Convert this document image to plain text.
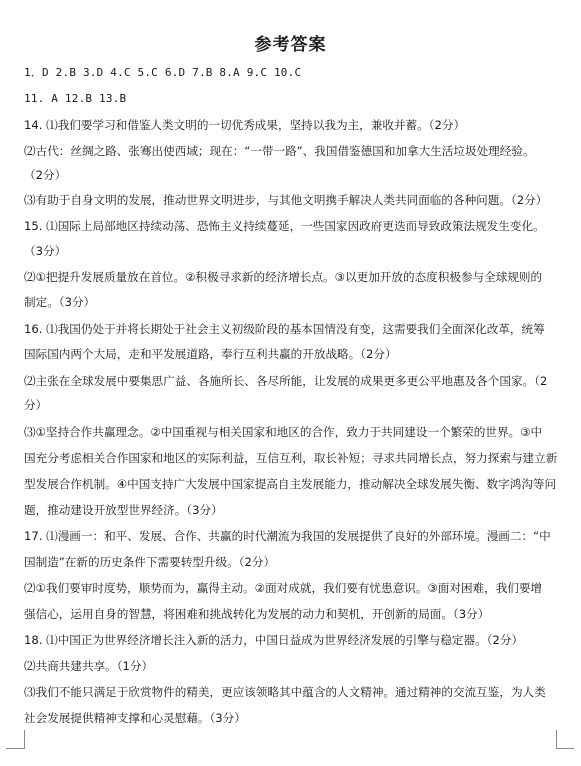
参考答案
1．D 2.B 3.D 4.C 5.C 6.D 7.B 8.A 9.C 10.C
11. A 12.B 13.B
14. ⑴我们要学习和借鉴人类文明的一切优秀成果，坚持以我为主，兼收并蓄。（2分）
⑵古代：丝绸之路、张骞出使西域；现在：“一带一路”、我国借鉴德国和加拿大生活垃圾处理经验。
（2分）
⑶有助于自身文明的发展，推动世界文明进步，与其他文明携手解决人类共同面临的各种问题。（2分）
15. ⑴国际上局部地区持续动荡、恐怖主义持续蔓延，一些国家因政府更迭而导致政策法规发生变化。
（3分）
⑵①把提升发展质量放在首位。②积极寻求新的经济增长点。③以更加开放的态度积极参与全球规则的
制定。（3分）
16. ⑴我国仍处于并将长期处于社会主义初级阶段的基本国情没有变，这需要我们全面深化改革，统筹
国际国内两个大局，走和平发展道路，奉行互利共赢的开放战略。（2分）
⑵主张在全球发展中要集思广益、各施所长、各尽所能，让发展的成果更多更公平地惠及各个国家。（2
分）
⑶①坚持合作共赢理念。②中国重视与相关国家和地区的合作，致力于共同建设一个繁荣的世界。③中
国充分考虑相关合作国家和地区的实际利益，互信互利，取长补短；寻求共同增长点，努力探索与建立新
型发展合作机制。④中国支持广大发展中国家提高自主发展能力，推动解决全球发展失衡、数字鸿沟等问
题，推动建设开放型世界经济。（3分）
17. ⑴漫画一：和平、发展、合作、共赢的时代潮流为我国的发展提供了良好的外部环境。漫画二：“中
国制造”在新的历史条件下需要转型升级。（2分）
⑵①我们要审时度势，顺势而为，赢得主动。②面对成就，我们要有忧患意识。③面对困难，我们要增
强信心，运用自身的智慧，将困难和挑战转化为发展的动力和契机，开创新的局面。（3分）
18. ⑴中国正为世界经济增长注入新的活力，中国日益成为世界经济发展的引擎与稳定器。（2分）
⑵共商共建共享。（1分）
⑶我们不能只满足于欣赏物件的精美，更应该领略其中蕴含的人文精神。通过精神的交流互鉴，为人类
社会发展提供精神支撑和心灵慰藉。（3分）
